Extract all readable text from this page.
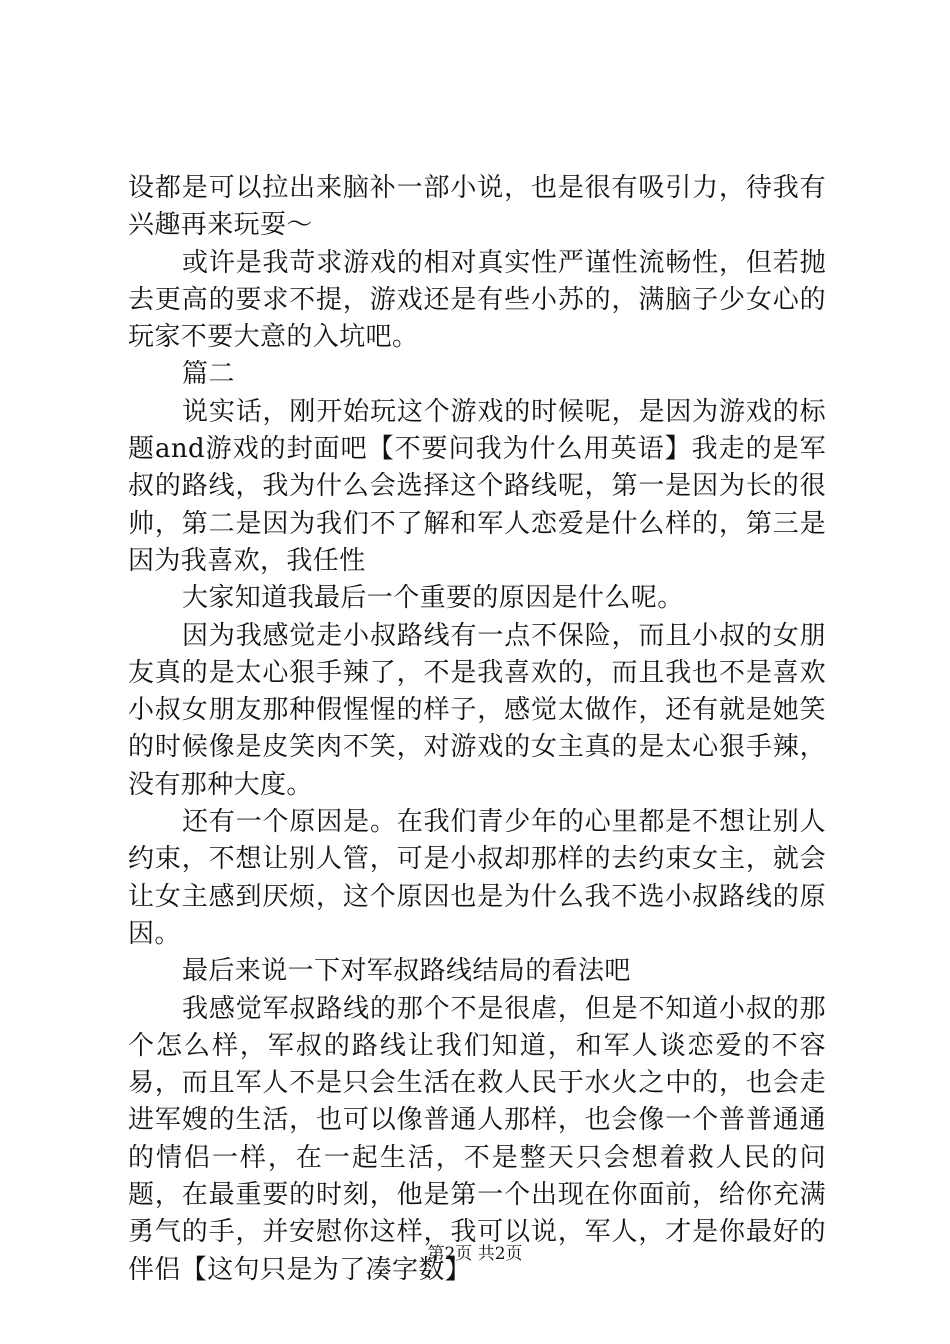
设都是可以拉出来脑补一部小说，也是很有吸引力，待我有兴趣再来玩耍～

或许是我苛求游戏的相对真实性严谨性流畅性，但若抛去更高的要求不提，游戏还是有些小苏的，满脑子少女心的玩家不要大意的入坑吧。

篇二

说实话，刚开始玩这个游戏的时候呢，是因为游戏的标题and游戏的封面吧【不要问我为什么用英语】我走的是军叔的路线，我为什么会选择这个路线呢，第一是因为长的很帅，第二是因为我们不了解和军人恋爱是什么样的，第三是因为我喜欢，我任性

大家知道我最后一个重要的原因是什么呢。

因为我感觉走小叔路线有一点不保险，而且小叔的女朋友真的是太心狠手辣了，不是我喜欢的，而且我也不是喜欢小叔女朋友那种假惺惺的样子，感觉太做作，还有就是她笑的时候像是皮笑肉不笑，对游戏的女主真的是太心狠手辣，没有那种大度。

还有一个原因是。在我们青少年的心里都是不想让别人约束，不想让别人管，可是小叔却那样的去约束女主，就会让女主感到厌烦，这个原因也是为什么我不选小叔路线的原因。

最后来说一下对军叔路线结局的看法吧

我感觉军叔路线的那个不是很虐，但是不知道小叔的那个怎么样，军叔的路线让我们知道，和军人谈恋爱的不容易，而且军人不是只会生活在救人民于水火之中的，也会走进军嫂的生活，也可以像普通人那样，也会像一个普普通通的情侣一样，在一起生活，不是整天只会想着救人民的问题，在最重要的时刻，他是第一个出现在你面前，给你充满勇气的手，并安慰你这样，我可以说，军人，才是你最好的伴侣【这句只是为了凑字数】

第2页 共2页
